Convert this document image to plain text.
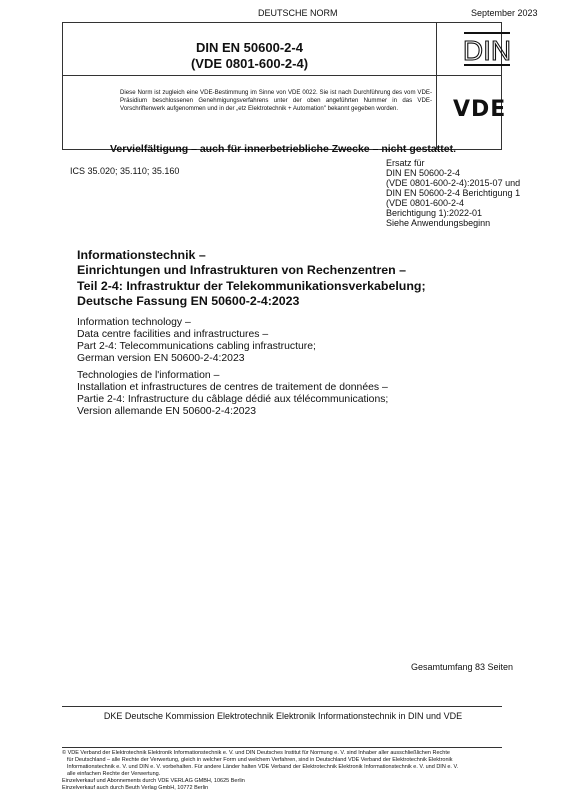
DEUTSCHE NORM	September 2023
DIN EN 50600-2-4
(VDE 0801-600-2-4)
Diese Norm ist zugleich eine VDE-Bestimmung im Sinne von VDE 0022. Sie ist nach Durchführung des vom VDE-Präsidium beschlossenen Genehmigungsverfahrens unter der oben angeführten Nummer in das VDE-Vorschriftenwerk aufgenommen und in der „etz Elektrotechnik + Automation" bekannt gegeben worden.
DIN
VDE
Vervielfältigung – auch für innerbetriebliche Zwecke – nicht gestattet.
ICS 35.020; 35.110; 35.160
Ersatz für
DIN EN 50600-2-4
(VDE 0801-600-2-4):2015-07 und
DIN EN 50600-2-4 Berichtigung 1
(VDE 0801-600-2-4
Berichtigung 1):2022-01
Siehe Anwendungsbeginn
Informationstechnik –
Einrichtungen und Infrastrukturen von Rechenzentren –
Teil 2-4: Infrastruktur der Telekommunikationsverkabelung;
Deutsche Fassung EN 50600-2-4:2023
Information technology –
Data centre facilities and infrastructures –
Part 2-4: Telecommunications cabling infrastructure;
German version EN 50600-2-4:2023
Technologies de l'information –
Installation et infrastructures de centres de traitement de données –
Partie 2-4: Infrastructure du câblage dédié aux télécommunications;
Version allemande EN 50600-2-4:2023
Gesamtumfang 83 Seiten
DKE Deutsche Kommission Elektrotechnik Elektronik Informationstechnik in DIN und VDE
© VDE Verband der Elektrotechnik Elektronik Informationstechnik e. V. und DIN Deutsches Institut für Normung e. V. sind Inhaber aller ausschließlichen Rechte
für Deutschland – alle Rechte der Verwertung, gleich in welcher Form und welchem Verfahren, sind in Deutschland VDE Verband der Elektrotechnik Elektronik
Informationstechnik e. V. und DIN e. V. vorbehalten. Für andere Länder halten VDE Verband der Elektrotechnik Elektronik Informationstechnik e. V. und DIN e. V.
alle einfachen Rechte der Verwertung.
Einzelverkauf und Abonnements durch VDE VERLAG GMBH, 10625 Berlin
Einzelverkauf auch durch Beuth Verlag GmbH, 10772 Berlin
